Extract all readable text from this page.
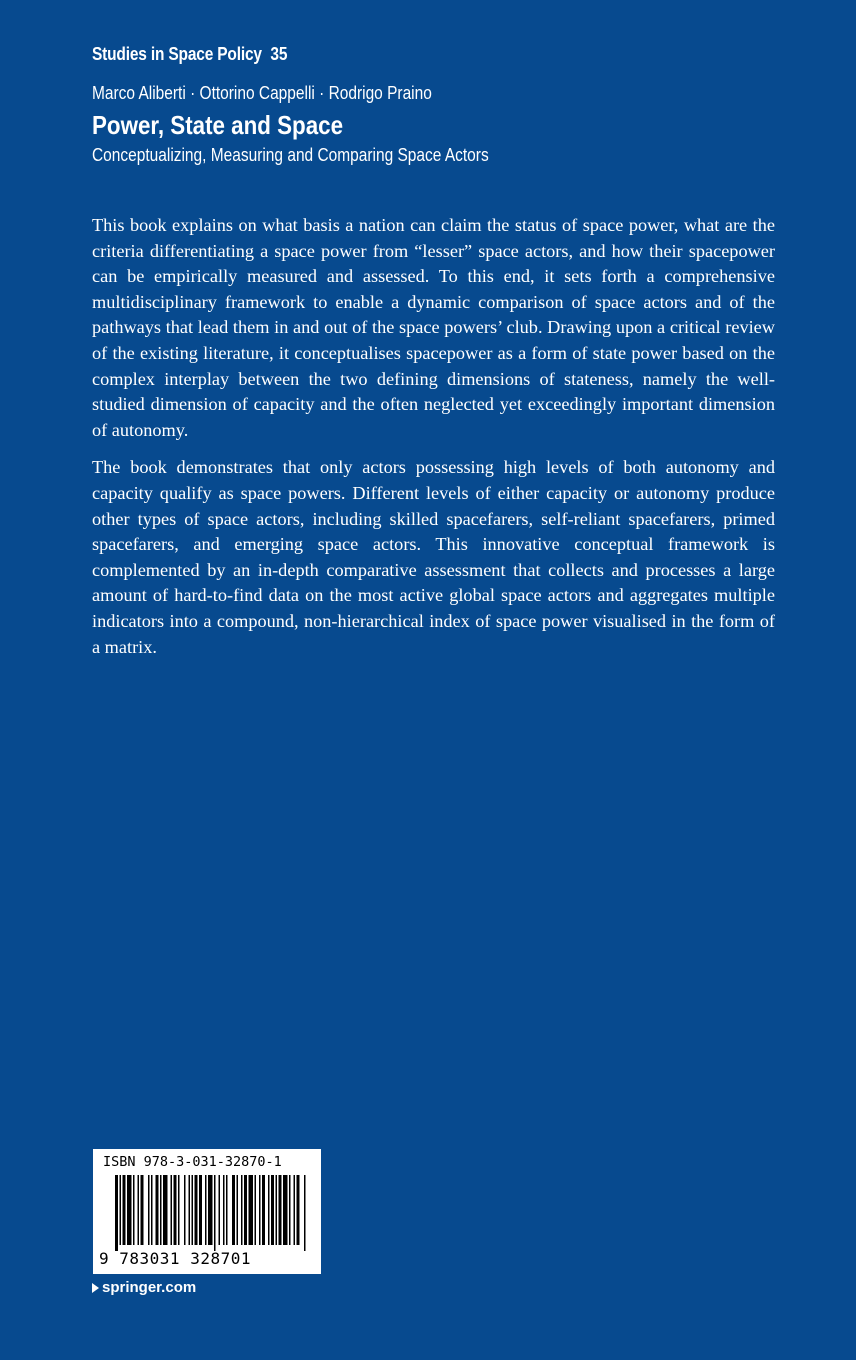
Studies in Space Policy 35
Marco Aliberti · Ottorino Cappelli · Rodrigo Praino
Power, State and Space
Conceptualizing, Measuring and Comparing Space Actors

This book explains on what basis a nation can claim the status of space power, what are the criteria differentiating a space power from “lesser” space actors, and how their spacepower can be empirically measured and assessed. To this end, it sets forth a comprehensive multidisciplinary framework to enable a dynamic comparison of space actors and of the pathways that lead them in and out of the space powers’ club. Drawing upon a critical review of the existing literature, it conceptualises spacepower as a form of state power based on the complex interplay between the two defining dimensions of stateness, namely the well-studied dimension of capacity and the often neglected yet exceedingly important dimension of autonomy.

The book demonstrates that only actors possessing high levels of both autonomy and capacity qualify as space powers. Different levels of either capacity or autonomy produce other types of space actors, including skilled spacefarers, self-reliant spacefarers, primed spacefarers, and emerging space actors. This innovative conceptual framework is complemented by an in-depth comparative assessment that collects and processes a large amount of hard-to-find data on the most active global space actors and aggregates multiple indicators into a compound, non-hierarchical index of space power visualised in the form of a matrix.

ISBN 978-3-031-32870-1
9 783031 328701
springer.com
